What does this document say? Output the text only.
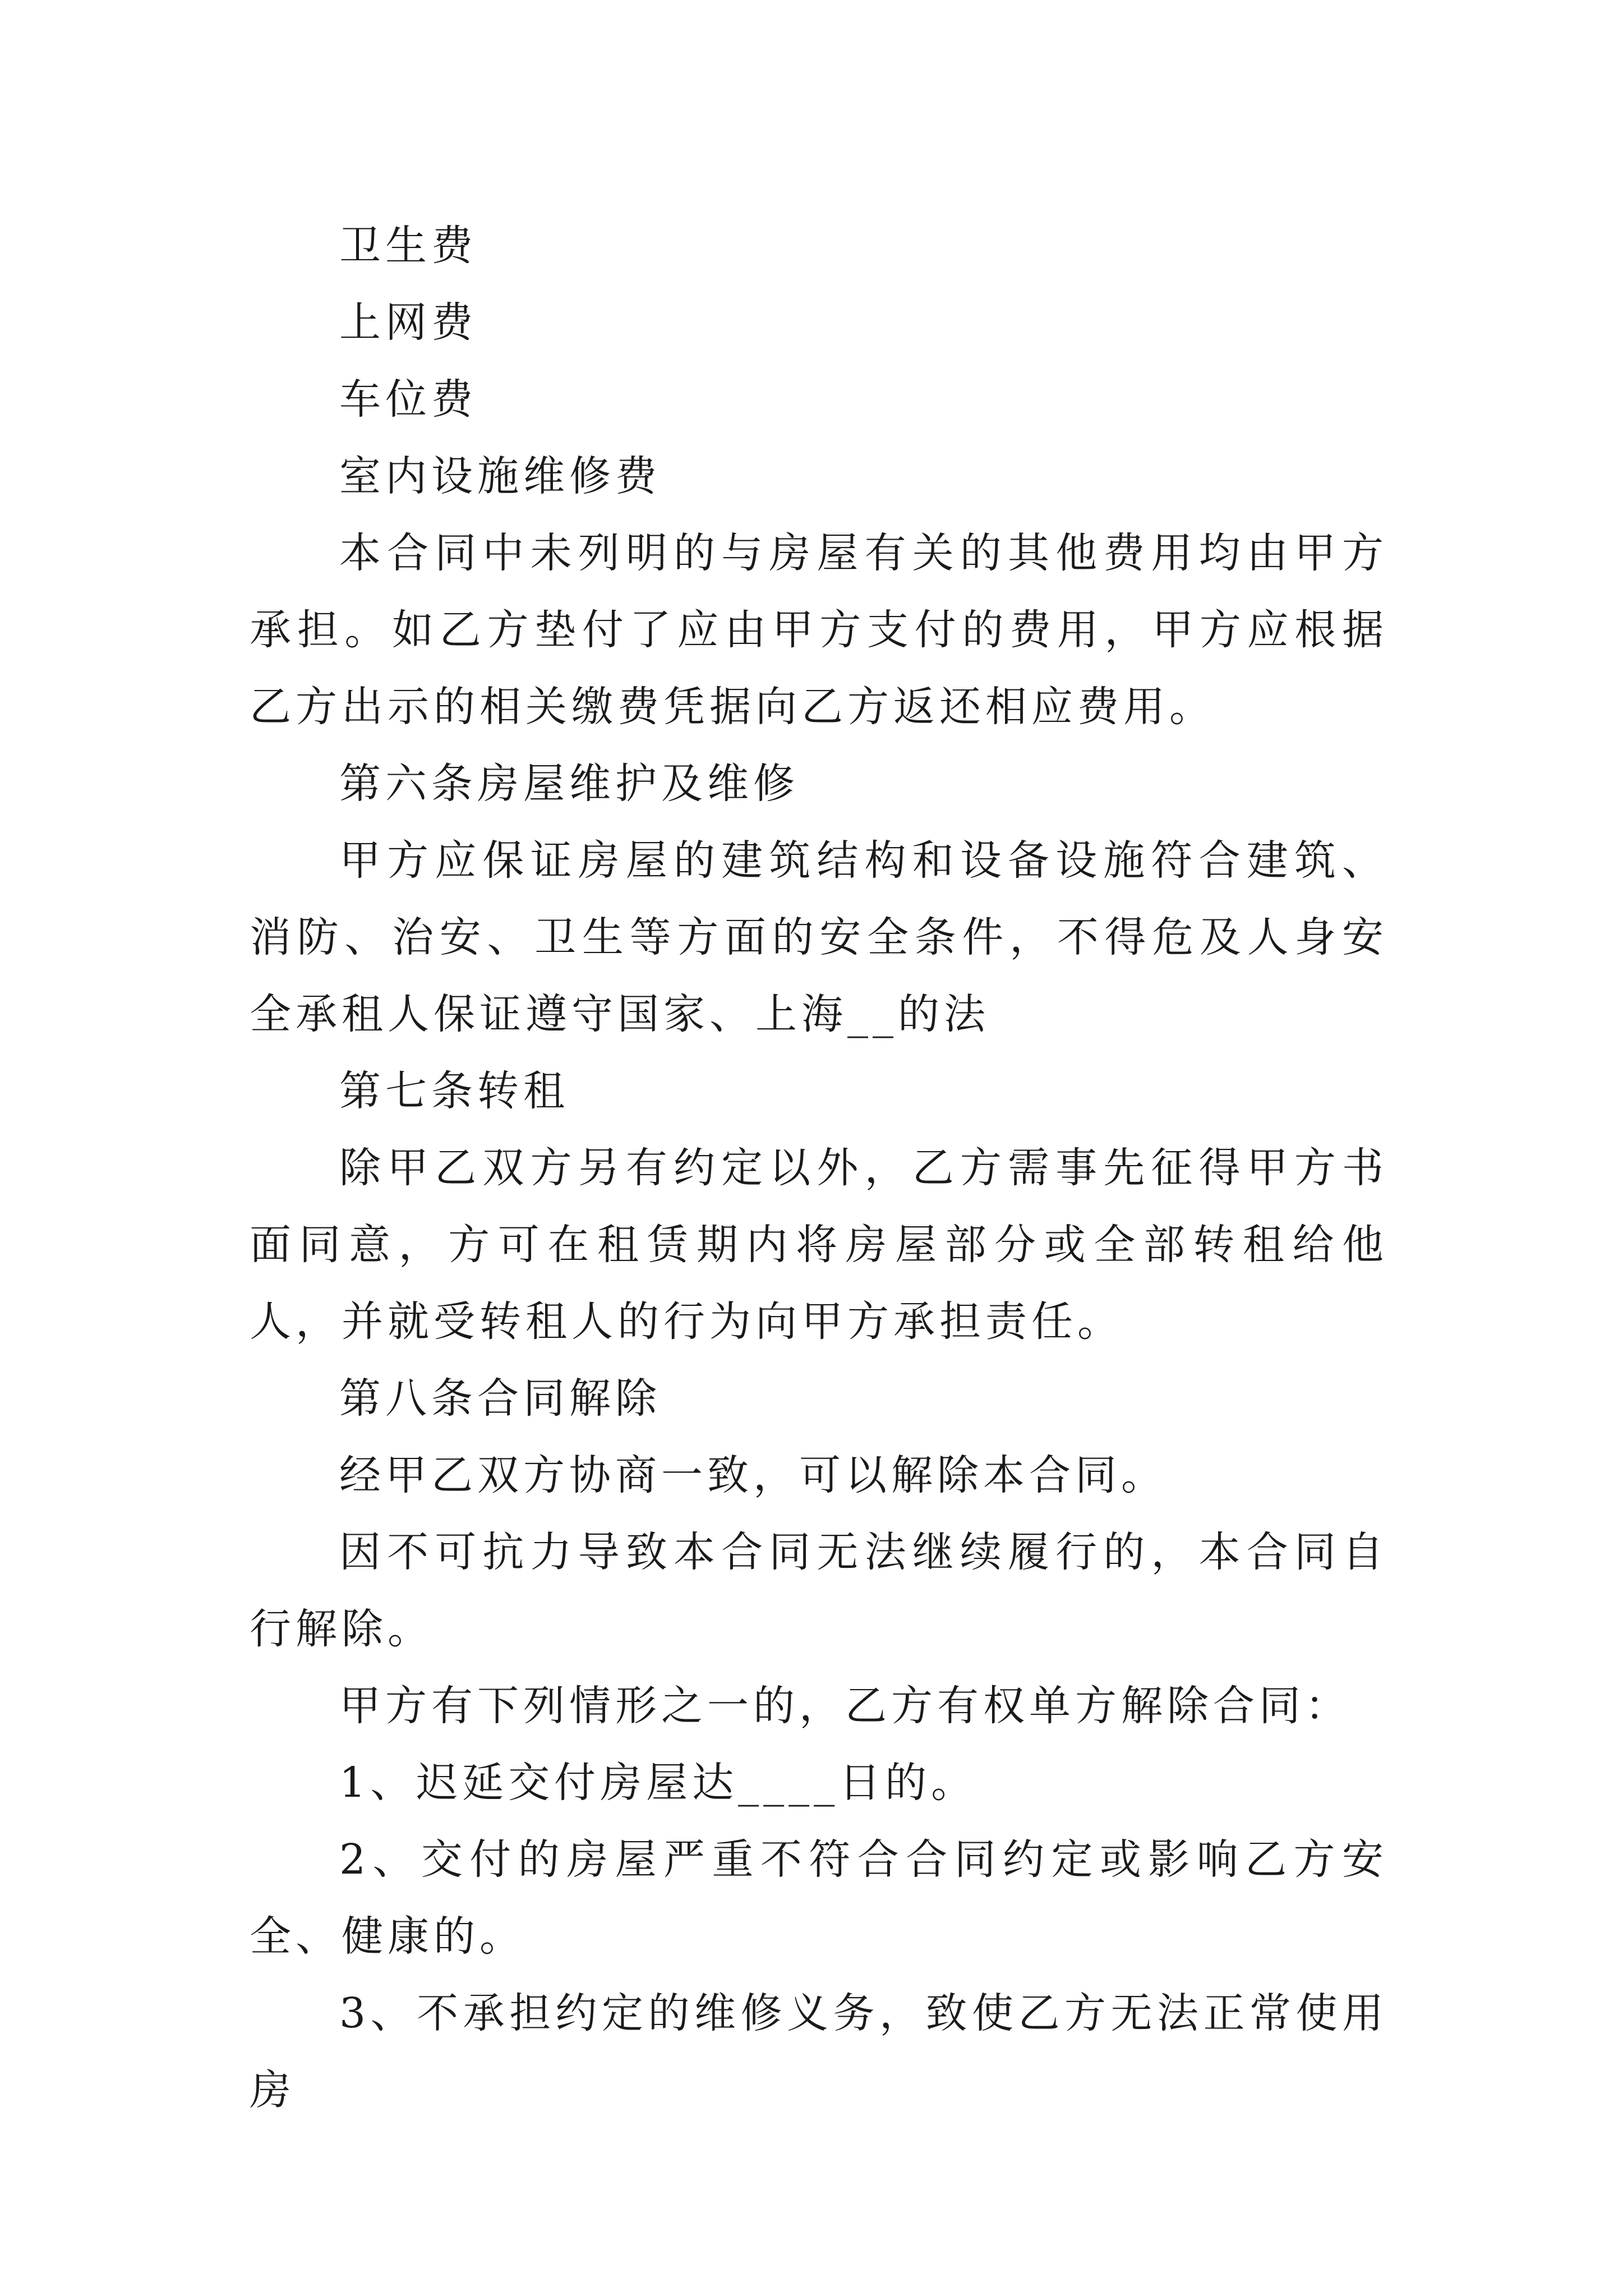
卫生费

上网费

车位费

室内设施维修费

本合同中未列明的与房屋有关的其他费用均由甲方承担。如乙方垫付了应由甲方支付的费用，甲方应根据乙方出示的相关缴费凭据向乙方返还相应费用。

第六条房屋维护及维修

甲方应保证房屋的建筑结构和设备设施符合建筑、消防、治安、卫生等方面的安全条件，不得危及人身安全承租人保证遵守国家、上海__的法

第七条转租

除甲乙双方另有约定以外，乙方需事先征得甲方书面同意，方可在租赁期内将房屋部分或全部转租给他人，并就受转租人的行为向甲方承担责任。

第八条合同解除

经甲乙双方协商一致，可以解除本合同。

因不可抗力导致本合同无法继续履行的，本合同自行解除。

甲方有下列情形之一的，乙方有权单方解除合同：

1、迟延交付房屋达____日的。

2、交付的房屋严重不符合合同约定或影响乙方安全、健康的。

3、不承担约定的维修义务，致使乙方无法正常使用房
